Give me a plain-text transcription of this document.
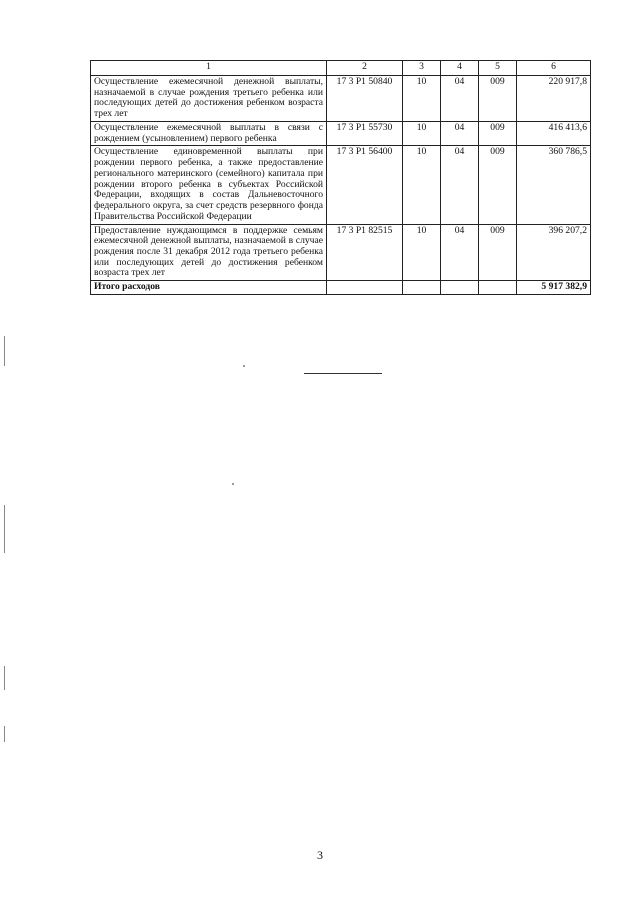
1	2	3	4	5	6
Осуществление ежемесячной денежной выплаты, назначаемой в случае рождения третьего ребенка или последующих детей до достижения ребенком возраста трех лет	17 3 P1 50840	10	04	009	220 917,8
Осуществление ежемесячной выплаты в связи с рождением (усыновлением) первого ребенка	17 3 P1 55730	10	04	009	416 413,6
Осуществление единовременной выплаты при рождении первого ребенка, а также предоставление регионального материнского (семейного) капитала при рождении второго ребенка в субъектах Российской Федерации, входящих в состав Дальневосточного федерального округа, за счет средств резервного фонда Правительства Российской Федерации	17 3 P1 56400	10	04	009	360 786,5
Предоставление нуждающимся в поддержке семьям ежемесячной денежной выплаты, назначаемой в случае рождения после 31 декабря 2012 года третьего ребенка или последующих детей до достижения ребенком возраста трех лет	17 3 P1 82515	10	04	009	396 207,2
Итого расходов					5 917 382,9
3
